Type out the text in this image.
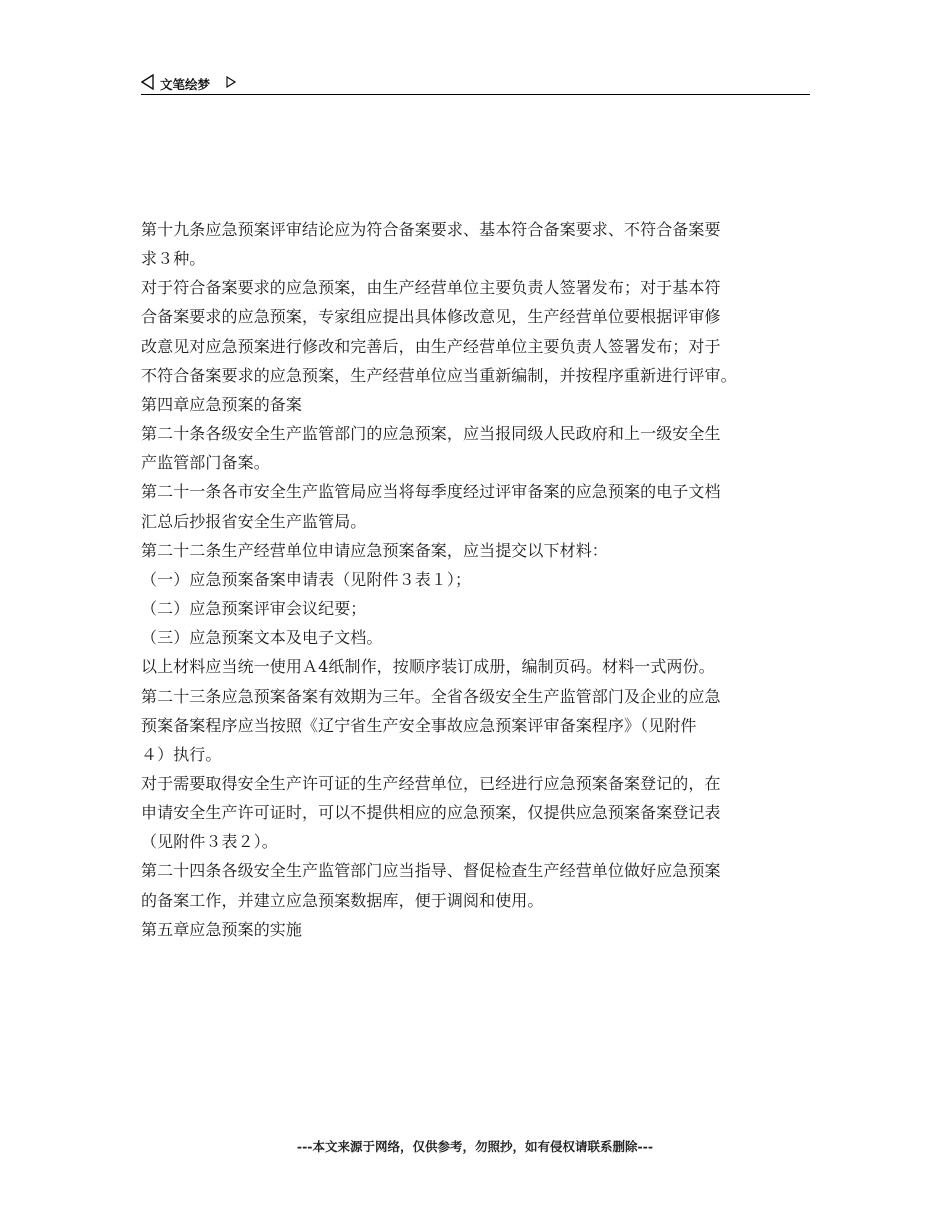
文笔绘梦

第十九条应急预案评审结论应为符合备案要求、基本符合备案要求、不符合备案要

求３种。

对于符合备案要求的应急预案，由生产经营单位主要负责人签署发布；对于基本符

合备案要求的应急预案，专家组应提出具体修改意见，生产经营单位要根据评审修

改意见对应急预案进行修改和完善后，由生产经营单位主要负责人签署发布；对于

不符合备案要求的应急预案，生产经营单位应当重新编制，并按程序重新进行评审。

第四章应急预案的备案

第二十条各级安全生产监管部门的应急预案，应当报同级人民政府和上一级安全生

产监管部门备案。

第二十一条各市安全生产监管局应当将每季度经过评审备案的应急预案的电子文档

汇总后抄报省安全生产监管局。

第二十二条生产经营单位申请应急预案备案，应当提交以下材料：

（一）应急预案备案申请表（见附件３表１）；

（二）应急预案评审会议纪要；

（三）应急预案文本及电子文档。

以上材料应当统一使用Ａ4纸制作，按顺序装订成册，编制页码。材料一式两份。

第二十三条应急预案备案有效期为三年。全省各级安全生产监管部门及企业的应急

预案备案程序应当按照《辽宁省生产安全事故应急预案评审备案程序》（见附件

４）执行。

对于需要取得安全生产许可证的生产经营单位，已经进行应急预案备案登记的，在

申请安全生产许可证时，可以不提供相应的应急预案，仅提供应急预案备案登记表

（见附件３表２）。

第二十四条各级安全生产监管部门应当指导、督促检查生产经营单位做好应急预案

的备案工作，并建立应急预案数据库，便于调阅和使用。

第五章应急预案的实施

---本文来源于网络，仅供参考，勿照抄，如有侵权请联系删除---
